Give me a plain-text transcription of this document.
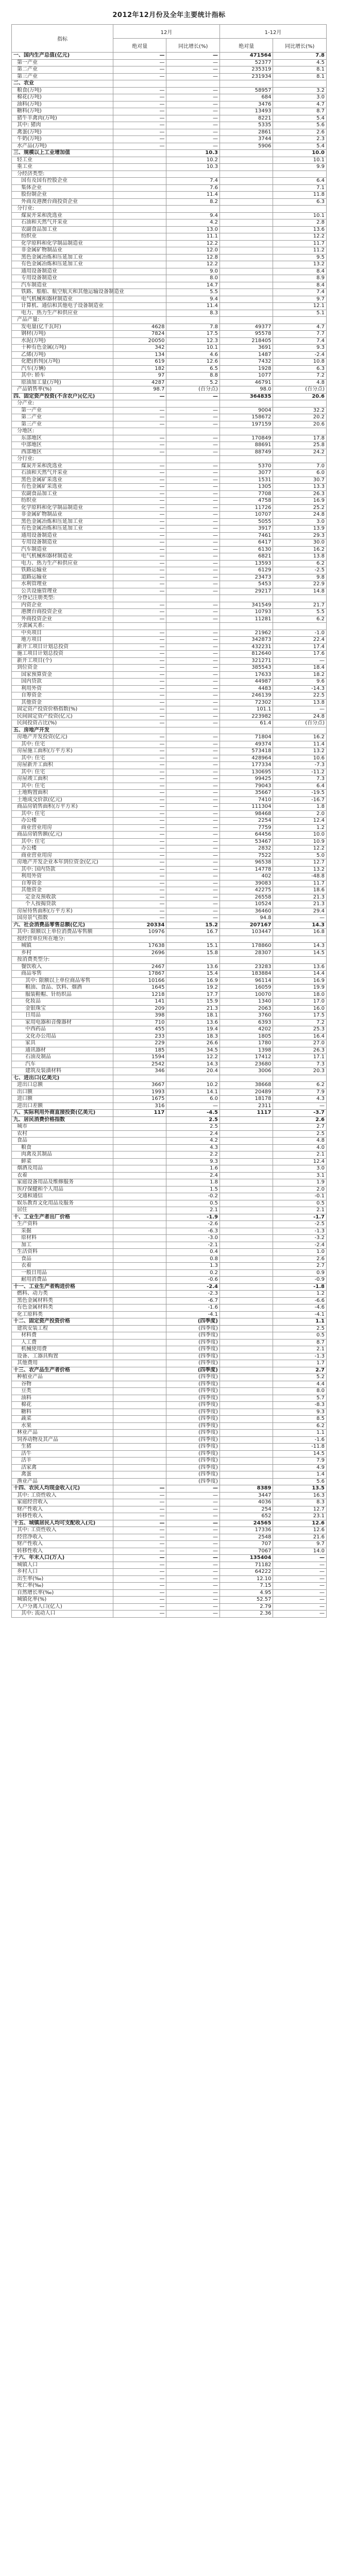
2012年12月份及全年主要统计指标
指标	12月		1-12月	
	绝对量	同比增长(%)	绝对量	同比增长(%)
一、国内生产总值(亿元)	—	—	471564	7.8
第一产业	—	—	52377	4.5
第二产业	—	—	235319	8.1
第三产业	—	—	231934	8.1
二、农业				
粮食(万吨)	—	—	58957	3.2
棉花(万吨)	—	—	684	3.0
油料(万吨)	—	—	3476	4.7
糖料(万吨)	—	—	13493	8.7
猪牛羊禽肉(万吨)	—	—	8221	5.4
其中: 猪肉	—	—	5335	5.6
禽蛋(万吨)	—	—	2861	2.6
牛奶(万吨)	—	—	3744	2.3
水产品(万吨)	—	—	5906	5.4
三、规模以上工业增加值		10.3		10.0
轻工业		10.2		10.1
重工业		10.3		9.9
分经济类型:				
国有及国有控股企业		7.4		6.4
集体企业		7.6		7.1
股份制企业		11.4		11.8
外商及港澳台商投资企业		8.2		6.3
分行业:				
煤炭开采和洗选业		9.4		10.1
石油和天然气开采业		4.2		2.8
农副食品加工业		13.0		13.6
纺织业		11.1		12.2
化学原料和化学制品制造业		12.2		11.7
非金属矿物制品业		12.0		11.2
黑色金属冶炼和压延加工业		12.8		9.5
有色金属冶炼和压延加工业		12.2		13.2
通用设备制造业		9.0		8.4
专用设备制造业		8.0		8.9
汽车制造业		14.7		8.4
铁路、船舶、航空航天和其他运输设备制造业		5.5		7.4
电气机械和器材制造业		9.4		9.7
计算机、通信和其他电子设备制造业		11.4		12.1
电力、热力生产和供应业		8.3		5.1
产品产量:				
发电量(亿千瓦时)	4628	7.8	49377	4.7
钢材(万吨)	7824	17.5	95578	7.7
水泥(万吨)	20050	12.3	218405	7.4
十种有色金属(万吨)	342	10.1	3691	9.3
乙烯(万吨)	134	4.6	1487	-2.4
化肥(折纯)(万吨)	619	12.6	7432	10.8
汽车(万辆)	182	6.5	1928	6.3
其中: 轿车	97	8.8	1077	7.2
原油加工量(万吨)	4287	5.2	46791	4.8
产品销售率(%)	98.7	(百分点)	98.0	(百分点)
四、固定资产投资(不含农户)(亿元)	—	—	364835	20.6
分产业:				
第一产业	—	—	9004	32.2
第二产业	—	—	158672	20.2
第三产业	—	—	197159	20.6
分地区:				
东部地区	—	—	170849	17.8
中部地区	—	—	88691	25.8
西部地区	—	—	88749	24.2
分行业:				
煤炭开采和洗选业	—	—	5370	7.0
石油和天然气开采业	—	—	3077	6.0
黑色金属矿采选业	—	—	1531	30.7
有色金属矿采选业	—	—	1305	13.3
农副食品加工业	—	—	7708	26.3
纺织业	—	—	4758	16.9
化学原料和化学制品制造业	—	—	11726	25.2
非金属矿物制品业	—	—	10707	24.8
黑色金属冶炼和压延加工业	—	—	5055	3.0
有色金属冶炼和压延加工业	—	—	3917	13.9
通用设备制造业	—	—	7461	29.3
专用设备制造业	—	—	6417	30.0
汽车制造业	—	—	6130	16.2
电气机械和器材制造业	—	—	6821	13.8
电力、热力生产和供应业	—	—	13593	6.2
铁路运输业	—	—	6129	-2.5
道路运输业	—	—	23473	9.8
水利管理业	—	—	5453	22.9
公共设施管理业	—	—	29217	14.8
分登记注册类型:				
内资企业	—	—	341549	21.7
港澳台商投资企业	—	—	10793	5.5
外商投资企业	—	—	11281	6.2
分隶属关系:				
中央项目	—	—	21962	-1.0
地方项目	—	—	342873	22.4
新开工项目计划总投资	—	—	432231	17.4
施工项目计划总投资	—	—	812640	17.6
新开工项目(个)	—	—	321271	—
到位资金	—	—	385543	18.4
国家预算资金	—	—	17633	18.2
国内贷款	—	—	44987	9.6
利用外资	—	—	4483	-14.3
自筹资金	—	—	246139	22.5
其他资金	—	—	72302	13.8
固定资产投资价格指数(%)	—	—	101.1	—
民间固定资产投资(亿元)	—	—	223982	24.8
民间投资占比(%)	—	—	61.4	(百分点)
五、房地产开发				
房地产开发投资(亿元)	—	—	71804	16.2
其中: 住宅	—	—	49374	11.4
房屋施工面积(万平方米)	—	—	573418	13.2
其中: 住宅	—	—	428964	10.6
房屋新开工面积	—	—	177334	-7.3
其中: 住宅	—	—	130695	-11.2
房屋竣工面积	—	—	99425	7.3
其中: 住宅	—	—	79043	6.4
土地购置面积	—	—	35667	-19.5
土地成交价款(亿元)	—	—	7410	-16.7
商品房销售面积(万平方米)	—	—	111304	1.8
其中: 住宅	—	—	98468	2.0
办公楼	—	—	2254	12.4
商业营业用房	—	—	7759	1.2
商品房销售额(亿元)	—	—	64456	10.0
其中: 住宅	—	—	53467	10.9
办公楼	—	—	2832	12.2
商业营业用房	—	—	7522	5.0
房地产开发企业本年到位资金(亿元)	—	—	96538	12.7
其中: 国内贷款	—	—	14778	13.2
利用外资	—	—	402	-48.8
自筹资金	—	—	39083	11.7
其他资金	—	—	42275	18.6
定金及预收款	—	—	26558	21.3
个人按揭贷款	—	—	10524	21.3
房屋待售面积(万平方米)	—	—	36460	29.4
国房景气指数	—	—	94.8	—
六、社会消费品零售总额(亿元)	20334	15.2	207167	14.3
其中: 限额以上单位消费品零售额	10976	16.7	103447	16.8
按经营单位所在地分:				
城镇	17638	15.1	178860	14.3
乡村	2696	15.8	28307	14.5
按消费类型分:				
餐饮收入	2467	13.6	23283	13.6
商品零售	17867	15.4	183884	14.4
其中: 限额以上单位商品零售	10166	16.9	96114	16.9
粮油、食品、饮料、烟酒	1645	19.2	16059	19.9
服装鞋帽、针纺织品	1218	17.7	10070	18.0
化妆品	141	15.9	1340	17.0
金银珠宝	209	21.3	2063	16.0
日用品	398	18.1	3760	17.5
家用电器和音像器材	710	13.6	6393	7.2
中西药品	455	19.4	4202	25.3
文化办公用品	233	18.3	1805	16.4
家具	229	26.6	1780	27.0
通讯器材	185	34.5	1398	26.3
石油及制品	1594	12.2	17412	17.1
汽车	2542	14.3	23680	7.3
建筑及装潢材料	346	20.4	3006	20.3
七、进出口(亿美元)				
进出口总额	3667	10.2	38668	6.2
出口额	1993	14.1	20489	7.9
进口额	1675	6.0	18178	4.3
进出口差额	316	—	2311	—
八、实际利用外商直接投资(亿美元)	117	-4.5	1117	-3.7
九、居民消费价格指数		2.5		2.6
城市		2.5		2.7
农村		2.4		2.5
食品		4.2		4.8
粮食		4.3		4.0
肉禽及其制品		2.2		2.1
鲜菜		9.3		12.4
烟酒及用品		1.6		3.0
衣着		2.4		3.1
家庭设备用品及维修服务		1.8		1.9
医疗保健和个人用品		1.5		2.0
交通和通信		-0.2		-0.1
娱乐教育文化用品及服务		0.5		0.5
居住		2.1		2.1
十、工业生产者出厂价格		-1.9		-1.7
生产资料		-2.6		-2.5
采掘		-6.3		-1.3
原材料		-3.0		-3.2
加工		-2.1		-2.4
生活资料		0.4		1.0
食品		0.8		2.6
衣着		1.3		2.7
一般日用品		0.2		0.9
耐用消费品		-0.6		-0.9
十一、工业生产者购进价格		-2.4		-1.8
燃料、动力类		-2.3		1.2
黑色金属材料类		-6.7		-6.6
有色金属材料类		-1.6		-4.6
化工原料类		-4.1		-4.1
十二、固定资产投资价格		(四季度)		1.1
建筑安装工程		(四季度)		2.5
材料费		(四季度)		0.5
人工费		(四季度)		8.7
机械使用费		(四季度)		2.1
设备、工器具购置		(四季度)		-1.3
其他费用		(四季度)		1.7
十三、农产品生产者价格		(四季度)		2.7
种植业产品		(四季度)		5.2
谷物		(四季度)		4.4
豆类		(四季度)		8.0
油料		(四季度)		5.7
棉花		(四季度)		-8.3
糖料		(四季度)		9.3
蔬菜		(四季度)		8.5
水果		(四季度)		6.2
林业产品		(四季度)		1.1
饲养动物及其产品		(四季度)		-1.6
生猪		(四季度)		-11.8
活牛		(四季度)		14.5
活羊		(四季度)		7.9
活家禽		(四季度)		4.9
禽蛋		(四季度)		1.4
渔业产品		(四季度)		5.6
十四、农民人均现金收入(元)	—	—	8389	13.5
其中: 工资性收入	—	—	3447	16.3
家庭经营收入	—	—	4036	8.3
财产性收入	—	—	254	12.7
转移性收入	—	—	652	23.1
十五、城镇居民人均可支配收入(元)	—	—	24565	12.6
其中: 工资性收入	—	—	17336	12.6
经营净收入	—	—	2548	21.6
财产性收入	—	—	707	9.7
转移性收入	—	—	7067	14.0
十六、年末人口(万人)	—	—	135404	—
城镇人口	—	—	71182	—
乡村人口	—	—	64222	—
出生率(‰)	—	—	12.10	—
死亡率(‰)	—	—	7.15	—
自然增长率(‰)	—	—	4.95	—
城镇化率(%)	—	—	52.57	—
人户分离人口(亿人)	—	—	2.79	—
其中: 流动人口	—	—	2.36	—
